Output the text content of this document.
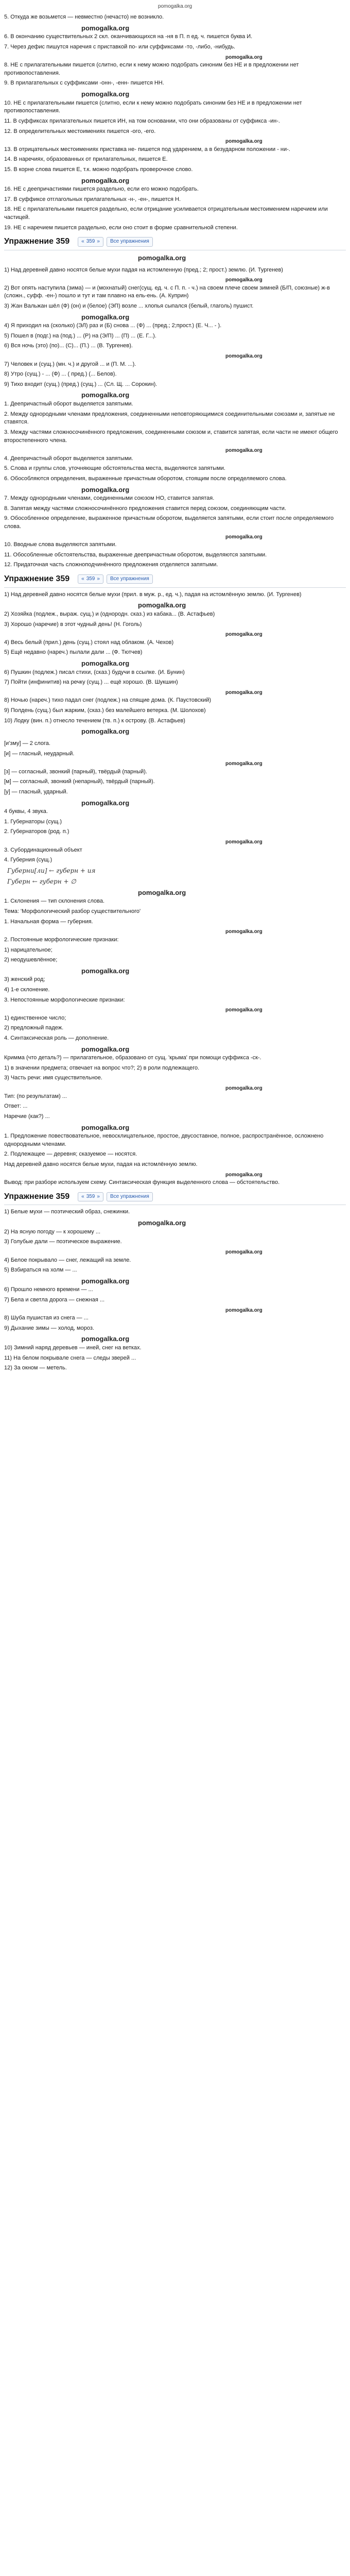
pomogalka.org

5. Откуда же возьмется — невместно (нечасто) не возникло.

pomogalka.org

6. В окончанию существительных 2 скл. оканчивающихся на -ня в П. п ед. ч. пишется буква И.

7. Через дефис пишутся наречия с приставкой по- или суффиксами -то, -либо, -нибудь.

pomogalka.org

8. НЕ с прилагательными пишется (слитно, если к нему можно подобрать синоним без НЕ и в предложении нет противопоставления.

9. В прилагательных с суффиксами -онн-, -енн- пишется НН.

pomogalka.org

10. НЕ с прилагательными пишется (слитно, если к нему можно подобрать синоним без НЕ и в предложении нет противопоставления.

11. В суффиксах прилагательных пишется ИН, на том основании, что они образованы от суффикса -ин-.

12. В определительных местоимениях пишется -ого, -его.

pomogalka.org

13. В отрицательных местоимениях приставка не- пишется под ударением, а в безударном положении - ни-.

14. В наречиях, образованных от прилагательных, пишется Е.

15. В корне слова пишется Е, т.к. можно подобрать проверочное слово.

pomogalka.org

16. НЕ с деепричастиями пишется раздельно, если его можно подобрать.

17. В суффиксе отглагольных прилагательных -н-, -ен-, пишется Н.

18. НЕ с прилагательными пишется раздельно, если отрицание усиливается отрицательным местоимением наречием или частицей.

19. НЕ с наречием пишется раздельно, если оно стоит в форме сравнительной степени.

Упражнение 359 « 359 »	Все упражнения
pomogalka.org

1) Над деревней давно носятся белые мухи падая на истомленную (пред.; 2; прост.) землю. (И. Тургенев)

pomogalka.org

2) Вот опять наступила (зима) — и (мохнатый) снег(сущ. ед. ч. с П. п. - ч.) на своем плече своем зимней (Б/П, союзные) ж-в (сложн., суфф. -ен-) пошло и тут и там плавно на ель-ень. (А. Куприн)

3) Жан Вальжан шёл (Ф) (он) и (белое) (ЭП) возле ... хлопья сыпался (белый, глаголь) пушист.

pomogalka.org

4) Я приходил на (сколько) (ЭЛ) раз и (Б) снова ... (Ф) ... (пред.; 2;прост.) (Е. Ч... - ).

5) Пошел в (подг.) на (под.) ... (Р) на (Э/П) ... (П) ... (Е. Г...).

6) Вся ночь (это) (по)... (С)... (П.) ... (В. Тургенев).

pomogalka.org

7) Человек и (сущ.) (мн. ч.) и другой ... и (П. М. ...).

8) Утро (сущ.) - ... (Ф) ... ( пред.) (... Белов).

9) Тихо входит (сущ.) (пред.) (сущ.) ... (Сл. Щ. ... Сорокин).

pomogalka.org

1. Деепричастный оборот выделяется запятыми.

2. Между однородными членами предложения, соединенными неповторяющимися соединительными союзами и, запятые не ставятся.

3. Между частями сложносочинённого предложения, соединенными союзом и, ставится запятая, если части не имеют общего второстепенного члена.

pomogalka.org

4. Деепричастный оборот выделяется запятыми.

5. Слова и группы слов, уточняющие обстоятельства места, выделяются запятыми.

6. Обособляются определения, выраженные причастным оборотом, стоящим после определяемого слова.

pomogalka.org

7. Между однородными членами, соединенными союзом НО, ставится запятая.

8. Запятая между частями сложносочинённого предложения ставится перед союзом, соединяющим части.

9. Обособленное определение, выраженное причастным оборотом, выделяется запятыми, если стоит после определяемого слова.

pomogalka.org

10. Вводные слова выделяются запятыми.

11. Обособленные обстоятельства, выраженные деепричастным оборотом, выделяются запятыми.

12. Придаточная часть сложноподчинённого предложения отделяется запятыми.

Упражнение 359 « 359 »	Все упражнения

1) Над деревней давно носятся белые мухи (прил. в муж. р., ед. ч.), падая на истомлённую землю. (И. Тургенев)

pomogalka.org

2) Хозяйка (подлеж., выраж. сущ.) и (однородн. сказ.) из кабака... (В. Астафьев)

3) Хорошо (наречие) в этот чудный день! (Н. Гоголь)

pomogalka.org

4) Весь белый (прил.) день (сущ.) стоял над облаком. (А. Чехов)

5) Ещё недавно (нареч.) пылали дали ... (Ф. Тютчев)

pomogalka.org

6) Пушкин (подлеж.) писал стихи, (сказ.) будучи в ссылке. (И. Бунин)

7) Пойти (инфинитив) на речку (сущ.) ... ещё хорошо. (В. Шукшин)

pomogalka.org

8) Ночью (нареч.) тихо падал снег (подлеж.) на спящие дома. (К. Паустовский)

9) Полдень (сущ.) был жарким, (сказ.) без малейшего ветерка. (М. Шолохов)

10) Лодку (вин. п.) отнесло течением (тв. п.) к острову. (В. Астафьев)

pomogalka.org

[и'зму] — 2 слога.

[и] — гласный, неударный.

pomogalka.org

[з] — согласный, звонкий (парный), твёрдый (парный).

[м] — согласный, звонкий (непарный), твёрдый (парный).

[у] — гласный, ударный.

pomogalka.org

4 буквы, 4 звука.

1. Губернаторы (сущ.)

2. Губернаторов (род. п.)

pomogalka.org

3. Субординационный объект

4. Губерния (сущ.)

Губерни[ли] ← губерн + ия
Губерн ← губерн + ∅
pomogalka.org

1. Склонения — тип склонения слова.

Тема: 'Морфологический разбор существительного'

1. Начальная форма — губерния.

pomogalka.org

2. Постоянные морфологические признаки:

1) нарицательное;

2) неодушевлённое;

pomogalka.org

3) женский род;

4) 1-е склонение.

3. Непостоянные морфологические признаки:

pomogalka.org

1) единственное число;

2) предложный падеж.

4. Синтаксическая роль — дополнение.

pomogalka.org

Кримма (что деталь?) — прилагательное, образовано от сущ. 'крыма' при помощи суффикса -ск-.

1) в значении предмета; отвечает на вопрос что?; 2) в роли подлежащего.

3) Часть речи: имя существительное.

pomogalka.org

Тип: (по результатам) ...

Ответ: ...

Наречие (как?) ...

pomogalka.org

1. Предложение повествовательное, невосклицательное, простое, двусоставное, полное, распространённое, осложнено однородными членами.

2. Подлежащее — деревня; сказуемое — носятся.

Над деревней давно носятся белые мухи, падая на истомлённую землю.

pomogalka.org

Вывод: при разборе используем схему. Синтаксическая функция выделенного слова — обстоятельство.

Упражнение 359 « 359 »	Все упражнения

1) Белые мухи — поэтический образ, снежинки.

pomogalka.org

2) На ясную погоду — к хорошему ...

3) Голубые дали — поэтическое выражение.

pomogalka.org

4) Белое покрывало — снег, лежащий на земле.

5) Взбираться на холм — ...

pomogalka.org

6) Прошло немного времени — ...

7) Бела и светла дорога — снежная ...

pomogalka.org

8) Шуба пушистая из снега — ...

9) Дыхание зимы — холод, мороз.

pomogalka.org

10) Зимний наряд деревьев — иней, снег на ветках.

11) На белом покрывале снега — следы зверей ...

12) За окном — метель.
